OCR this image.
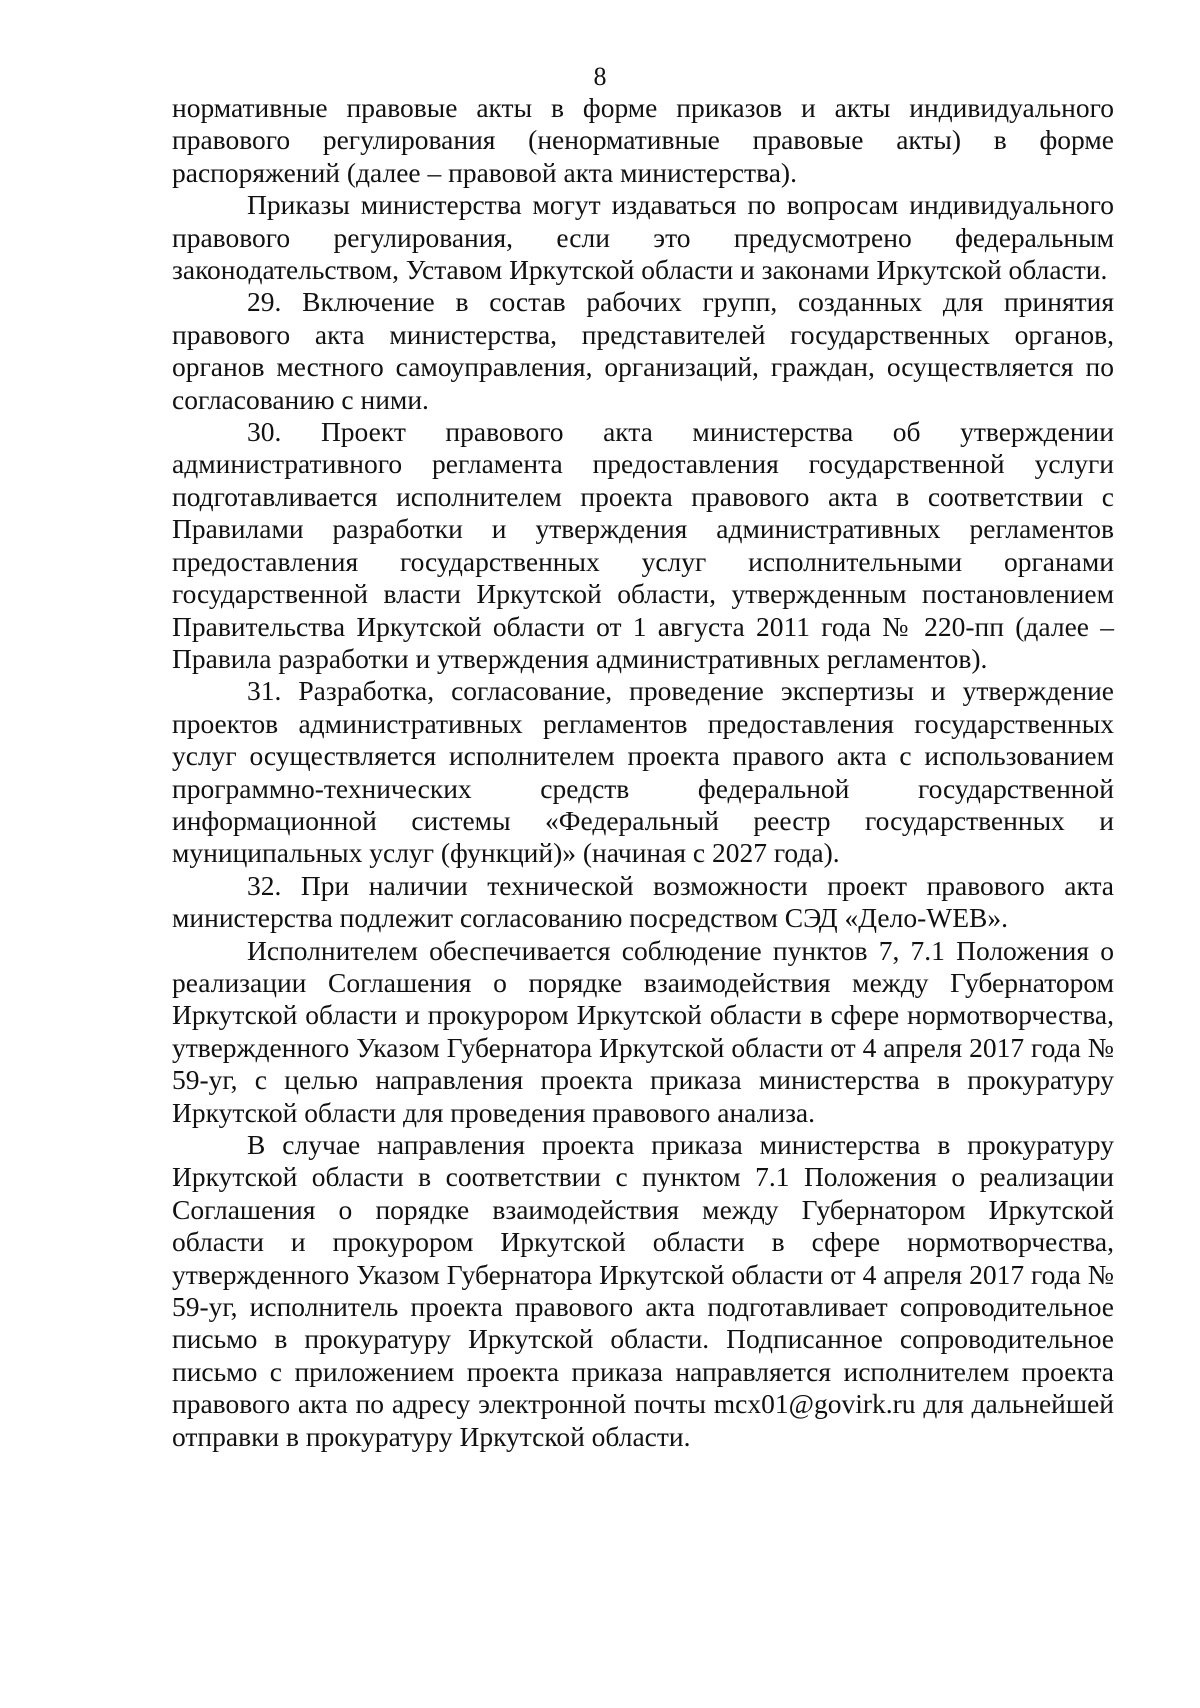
8

нормативные правовые акты в форме приказов и акты индивидуального правового регулирования (ненормативные правовые акты) в форме распоряжений (далее – правовой акта министерства).

Приказы министерства могут издаваться по вопросам индивидуального правового регулирования, если это предусмотрено федеральным законодательством, Уставом Иркутской области и законами Иркутской области.

29. Включение в состав рабочих групп, созданных для принятия правового акта министерства, представителей государственных органов, органов местного самоуправления, организаций, граждан, осуществляется по согласованию с ними.

30. Проект правового акта министерства об утверждении административного регламента предоставления государственной услуги подготавливается исполнителем проекта правового акта в соответствии с Правилами разработки и утверждения административных регламентов предоставления государственных услуг исполнительными органами государственной власти Иркутской области, утвержденным постановлением Правительства Иркутской области от 1 августа 2011 года № 220-пп (далее – Правила разработки и утверждения административных регламентов).

31. Разработка, согласование, проведение экспертизы и утверждение проектов административных регламентов предоставления государственных услуг осуществляется исполнителем проекта правого акта с использованием программно-технических средств федеральной государственной информационной системы «Федеральный реестр государственных и муниципальных услуг (функций)» (начиная с 2027 года).

32. При наличии технической возможности проект правового акта министерства подлежит согласованию посредством СЭД «Дело-WEB».

Исполнителем обеспечивается соблюдение пунктов 7, 7.1 Положения о реализации Соглашения о порядке взаимодействия между Губернатором Иркутской области и прокурором Иркутской области в сфере нормотворчества, утвержденного Указом Губернатора Иркутской области от 4 апреля 2017 года № 59-уг, с целью направления проекта приказа министерства в прокуратуру Иркутской области для проведения правового анализа.

В случае направления проекта приказа министерства в прокуратуру Иркутской области в соответствии с пунктом 7.1 Положения о реализации Соглашения о порядке взаимодействия между Губернатором Иркутской области и прокурором Иркутской области в сфере нормотворчества, утвержденного Указом Губернатора Иркутской области от 4 апреля 2017 года № 59-уг, исполнитель проекта правового акта подготавливает сопроводительное письмо в прокуратуру Иркутской области. Подписанное сопроводительное письмо с приложением проекта приказа направляется исполнителем проекта правового акта по адресу электронной почты mcx01@govirk.ru для дальнейшей отправки в прокуратуру Иркутской области.
